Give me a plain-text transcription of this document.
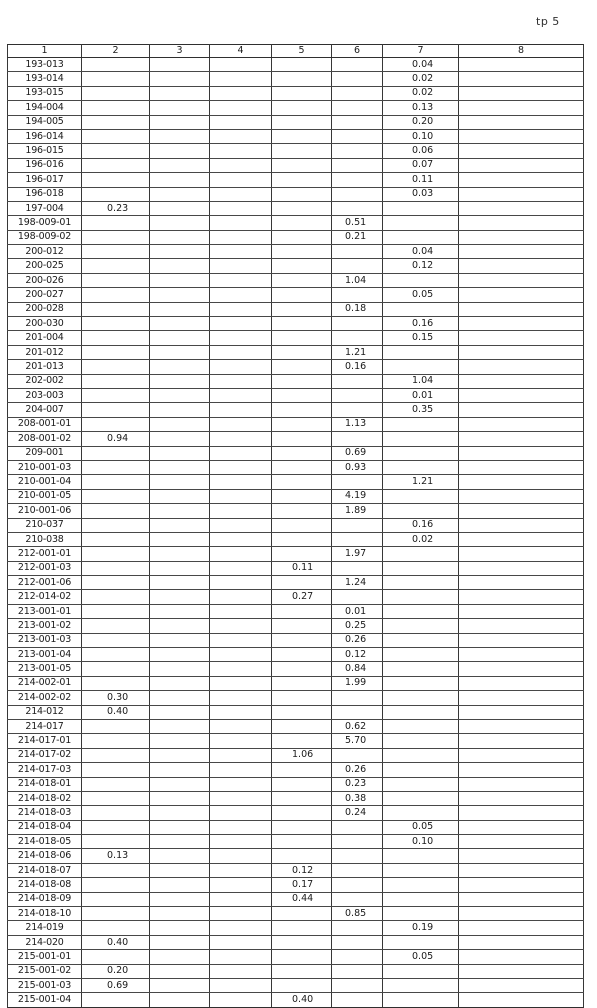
tp 5
1	2	3	4	5	6	7	8
193-013						0.04	
193-014						0.02	
193-015						0.02	
194-004						0.13	
194-005						0.20	
196-014						0.10	
196-015						0.06	
196-016						0.07	
196-017						0.11	
196-018						0.03	
197-004	0.23						
198-009-01					0.51		
198-009-02					0.21		
200-012						0.04	
200-025						0.12	
200-026					1.04		
200-027						0.05	
200-028					0.18		
200-030						0.16	
201-004						0.15	
201-012					1.21		
201-013					0.16		
202-002						1.04	
203-003						0.01	
204-007						0.35	
208-001-01					1.13		
208-001-02	0.94						
209-001					0.69		
210-001-03					0.93		
210-001-04						1.21	
210-001-05					4.19		
210-001-06					1.89		
210-037						0.16	
210-038						0.02	
212-001-01					1.97		
212-001-03				0.11			
212-001-06					1.24		
212-014-02				0.27			
213-001-01					0.01		
213-001-02					0.25		
213-001-03					0.26		
213-001-04					0.12		
213-001-05					0.84		
214-002-01					1.99		
214-002-02	0.30						
214-012	0.40						
214-017					0.62		
214-017-01					5.70		
214-017-02				1.06			
214-017-03					0.26		
214-018-01					0.23		
214-018-02					0.38		
214-018-03					0.24		
214-018-04						0.05	
214-018-05						0.10	
214-018-06	0.13						
214-018-07				0.12			
214-018-08				0.17			
214-018-09				0.44			
214-018-10					0.85		
214-019						0.19	
214-020	0.40						
215-001-01						0.05	
215-001-02	0.20						
215-001-03	0.69						
215-001-04				0.40			
